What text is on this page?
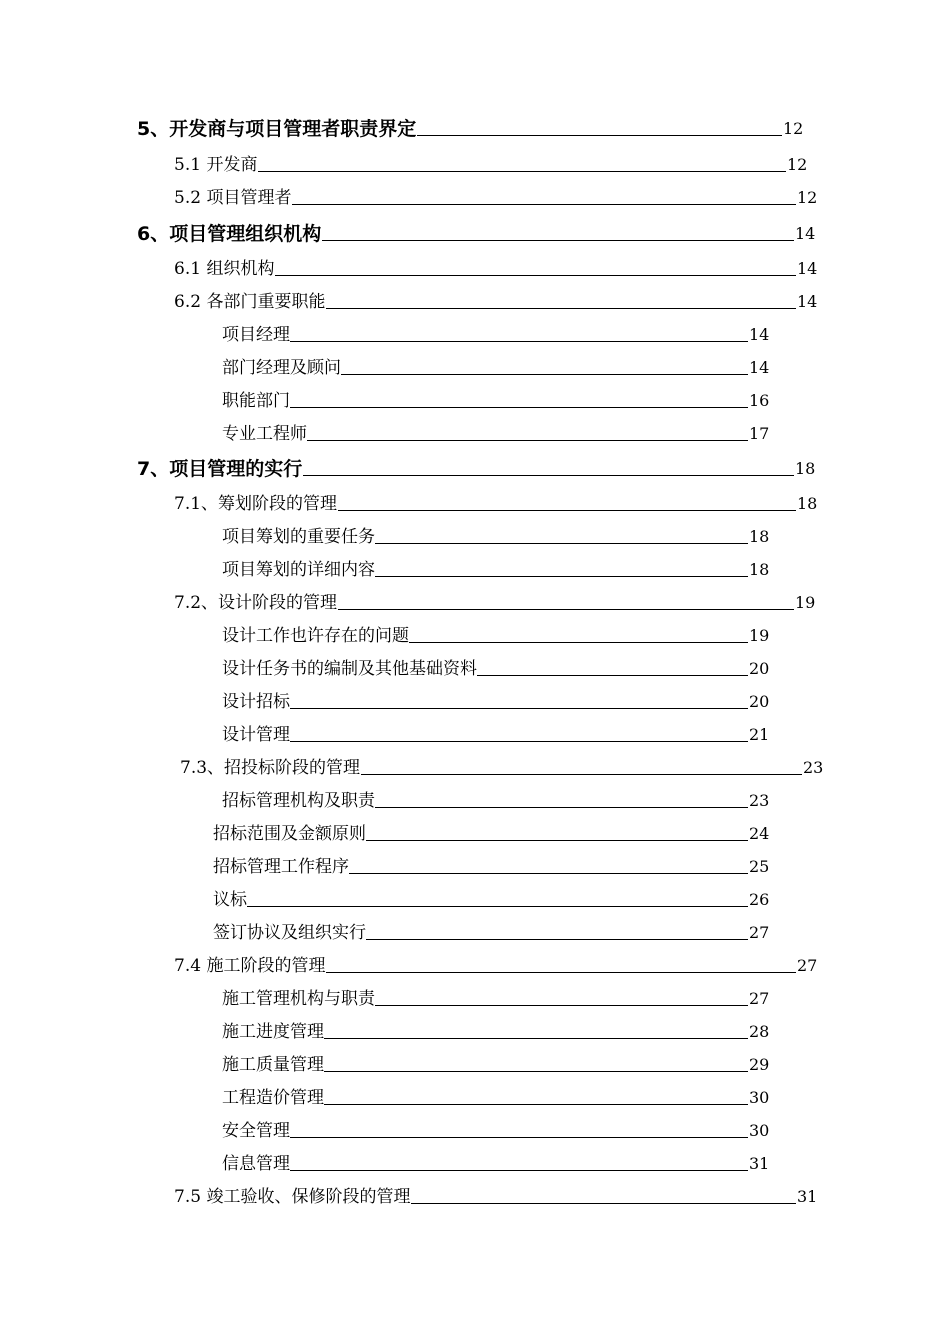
5、开发商与项目管理者职责界定	12
5.1 开发商	12
5.2 项目管理者	12
6、项目管理组织机构	14
6.1 组织机构	14
6.2 各部门重要职能	14
项目经理	14
部门经理及顾问	14
职能部门	16
专业工程师	17
7、项目管理的实行	18
7.1、筹划阶段的管理	18
项目筹划的重要任务	18
项目筹划的详细内容	18
7.2、设计阶段的管理	19
设计工作也许存在的问题	19
设计任务书的编制及其他基础资料	20
设计招标	20
设计管理	21
7.3、招投标阶段的管理	23
招标管理机构及职责	23
招标范围及金额原则	24
招标管理工作程序	25
议标	26
签订协议及组织实行	27
7.4 施工阶段的管理	27
施工管理机构与职责	27
施工进度管理	28
施工质量管理	29
工程造价管理	30
安全管理	30
信息管理	31
7.5 竣工验收、保修阶段的管理	31
